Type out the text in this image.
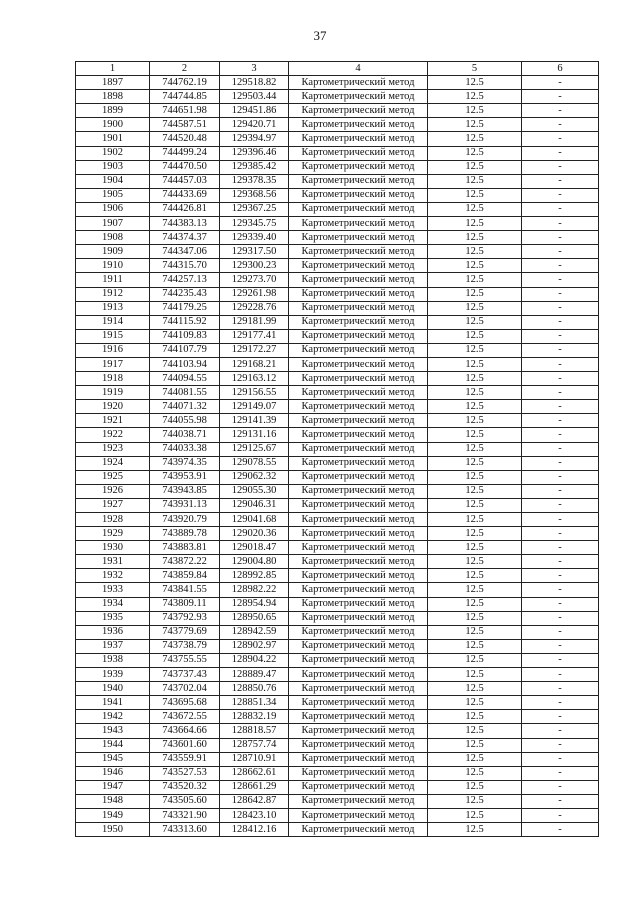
37
1	2	3	4	5	6
1897	744762.19	129518.82	Картометрический метод	12.5	-
1898	744744.85	129503.44	Картометрический метод	12.5	-
1899	744651.98	129451.86	Картометрический метод	12.5	-
1900	744587.51	129420.71	Картометрический метод	12.5	-
1901	744520.48	129394.97	Картометрический метод	12.5	-
1902	744499.24	129396.46	Картометрический метод	12.5	-
1903	744470.50	129385.42	Картометрический метод	12.5	-
1904	744457.03	129378.35	Картометрический метод	12.5	-
1905	744433.69	129368.56	Картометрический метод	12.5	-
1906	744426.81	129367.25	Картометрический метод	12.5	-
1907	744383.13	129345.75	Картометрический метод	12.5	-
1908	744374.37	129339.40	Картометрический метод	12.5	-
1909	744347.06	129317.50	Картометрический метод	12.5	-
1910	744315.70	129300.23	Картометрический метод	12.5	-
1911	744257.13	129273.70	Картометрический метод	12.5	-
1912	744235.43	129261.98	Картометрический метод	12.5	-
1913	744179.25	129228.76	Картометрический метод	12.5	-
1914	744115.92	129181.99	Картометрический метод	12.5	-
1915	744109.83	129177.41	Картометрический метод	12.5	-
1916	744107.79	129172.27	Картометрический метод	12.5	-
1917	744103.94	129168.21	Картометрический метод	12.5	-
1918	744094.55	129163.12	Картометрический метод	12.5	-
1919	744081.55	129156.55	Картометрический метод	12.5	-
1920	744071.32	129149.07	Картометрический метод	12.5	-
1921	744055.98	129141.39	Картометрический метод	12.5	-
1922	744038.71	129131.16	Картометрический метод	12.5	-
1923	744033.38	129125.67	Картометрический метод	12.5	-
1924	743974.35	129078.55	Картометрический метод	12.5	-
1925	743953.91	129062.32	Картометрический метод	12.5	-
1926	743943.85	129055.30	Картометрический метод	12.5	-
1927	743931.13	129046.31	Картометрический метод	12.5	-
1928	743920.79	129041.68	Картометрический метод	12.5	-
1929	743889.78	129020.36	Картометрический метод	12.5	-
1930	743883.81	129018.47	Картометрический метод	12.5	-
1931	743872.22	129004.80	Картометрический метод	12.5	-
1932	743859.84	128992.85	Картометрический метод	12.5	-
1933	743841.55	128982.22	Картометрический метод	12.5	-
1934	743809.11	128954.94	Картометрический метод	12.5	-
1935	743792.93	128950.65	Картометрический метод	12.5	-
1936	743779.69	128942.59	Картометрический метод	12.5	-
1937	743738.79	128902.97	Картометрический метод	12.5	-
1938	743755.55	128904.22	Картометрический метод	12.5	-
1939	743737.43	128889.47	Картометрический метод	12.5	-
1940	743702.04	128850.76	Картометрический метод	12.5	-
1941	743695.68	128851.34	Картометрический метод	12.5	-
1942	743672.55	128832.19	Картометрический метод	12.5	-
1943	743664.66	128818.57	Картометрический метод	12.5	-
1944	743601.60	128757.74	Картометрический метод	12.5	-
1945	743559.91	128710.91	Картометрический метод	12.5	-
1946	743527.53	128662.61	Картометрический метод	12.5	-
1947	743520.32	128661.29	Картометрический метод	12.5	-
1948	743505.60	128642.87	Картометрический метод	12.5	-
1949	743321.90	128423.10	Картометрический метод	12.5	-
1950	743313.60	128412.16	Картометрический метод	12.5	-
